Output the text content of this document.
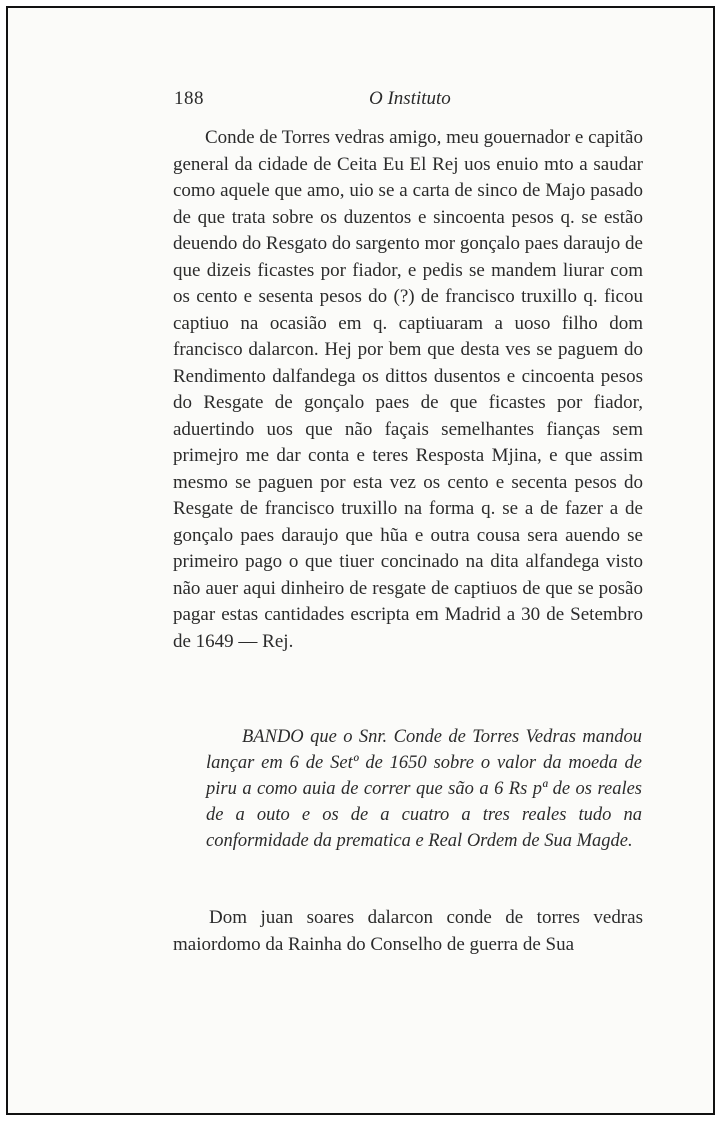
188	O Instituto

Conde de Torres vedras amigo, meu gouernador e capitão general da cidade de Ceita Eu El Rej uos enuio mto a saudar como aquele que amo, uio se a carta de sinco de Majo pasado de que trata sobre os duzentos e sincoenta pesos q. se estão deuendo do Resgato do sargento mor gonçalo paes daraujo de que dizeis ficastes por fiador, e pedis se mandem liurar com os cento e sesenta pesos do (?) de francisco truxillo q. ficou captiuo na ocasião em q. captiuaram a uoso filho dom francisco dalarcon. Hej por bem que desta ves se paguem do Rendimento dalfandega os dittos dusentos e cincoenta pesos do Resgate de gonçalo paes de que ficastes por fiador, aduertindo uos que não façais semelhantes fianças sem primejro me dar conta e teres Resposta Mjina, e que assim mesmo se paguen por esta vez os cento e secenta pesos do Resgate de francisco truxillo na forma q. se a de fazer a de gonçalo paes daraujo que hũa e outra cousa sera auendo se primeiro pago o que tiuer concinado na dita alfandega visto não auer aqui dinheiro de resgate de captiuos de que se posão pagar estas cantidades escripta em Madrid a 30 de Setembro de 1649 — Rej.

BANDO que o Snr. Conde de Torres Vedras mandou lançar em 6 de Setº de 1650 sobre o valor da moeda de piru a como auia de correr que são a 6 Rs pª de os reales de a outo e os de a cuatro a tres reales tudo na conformidade da prematica e Real Ordem de Sua Magde.

Dom juan soares dalarcon conde de torres vedras maiordomo da Rainha do Conselho de guerra de Sua
